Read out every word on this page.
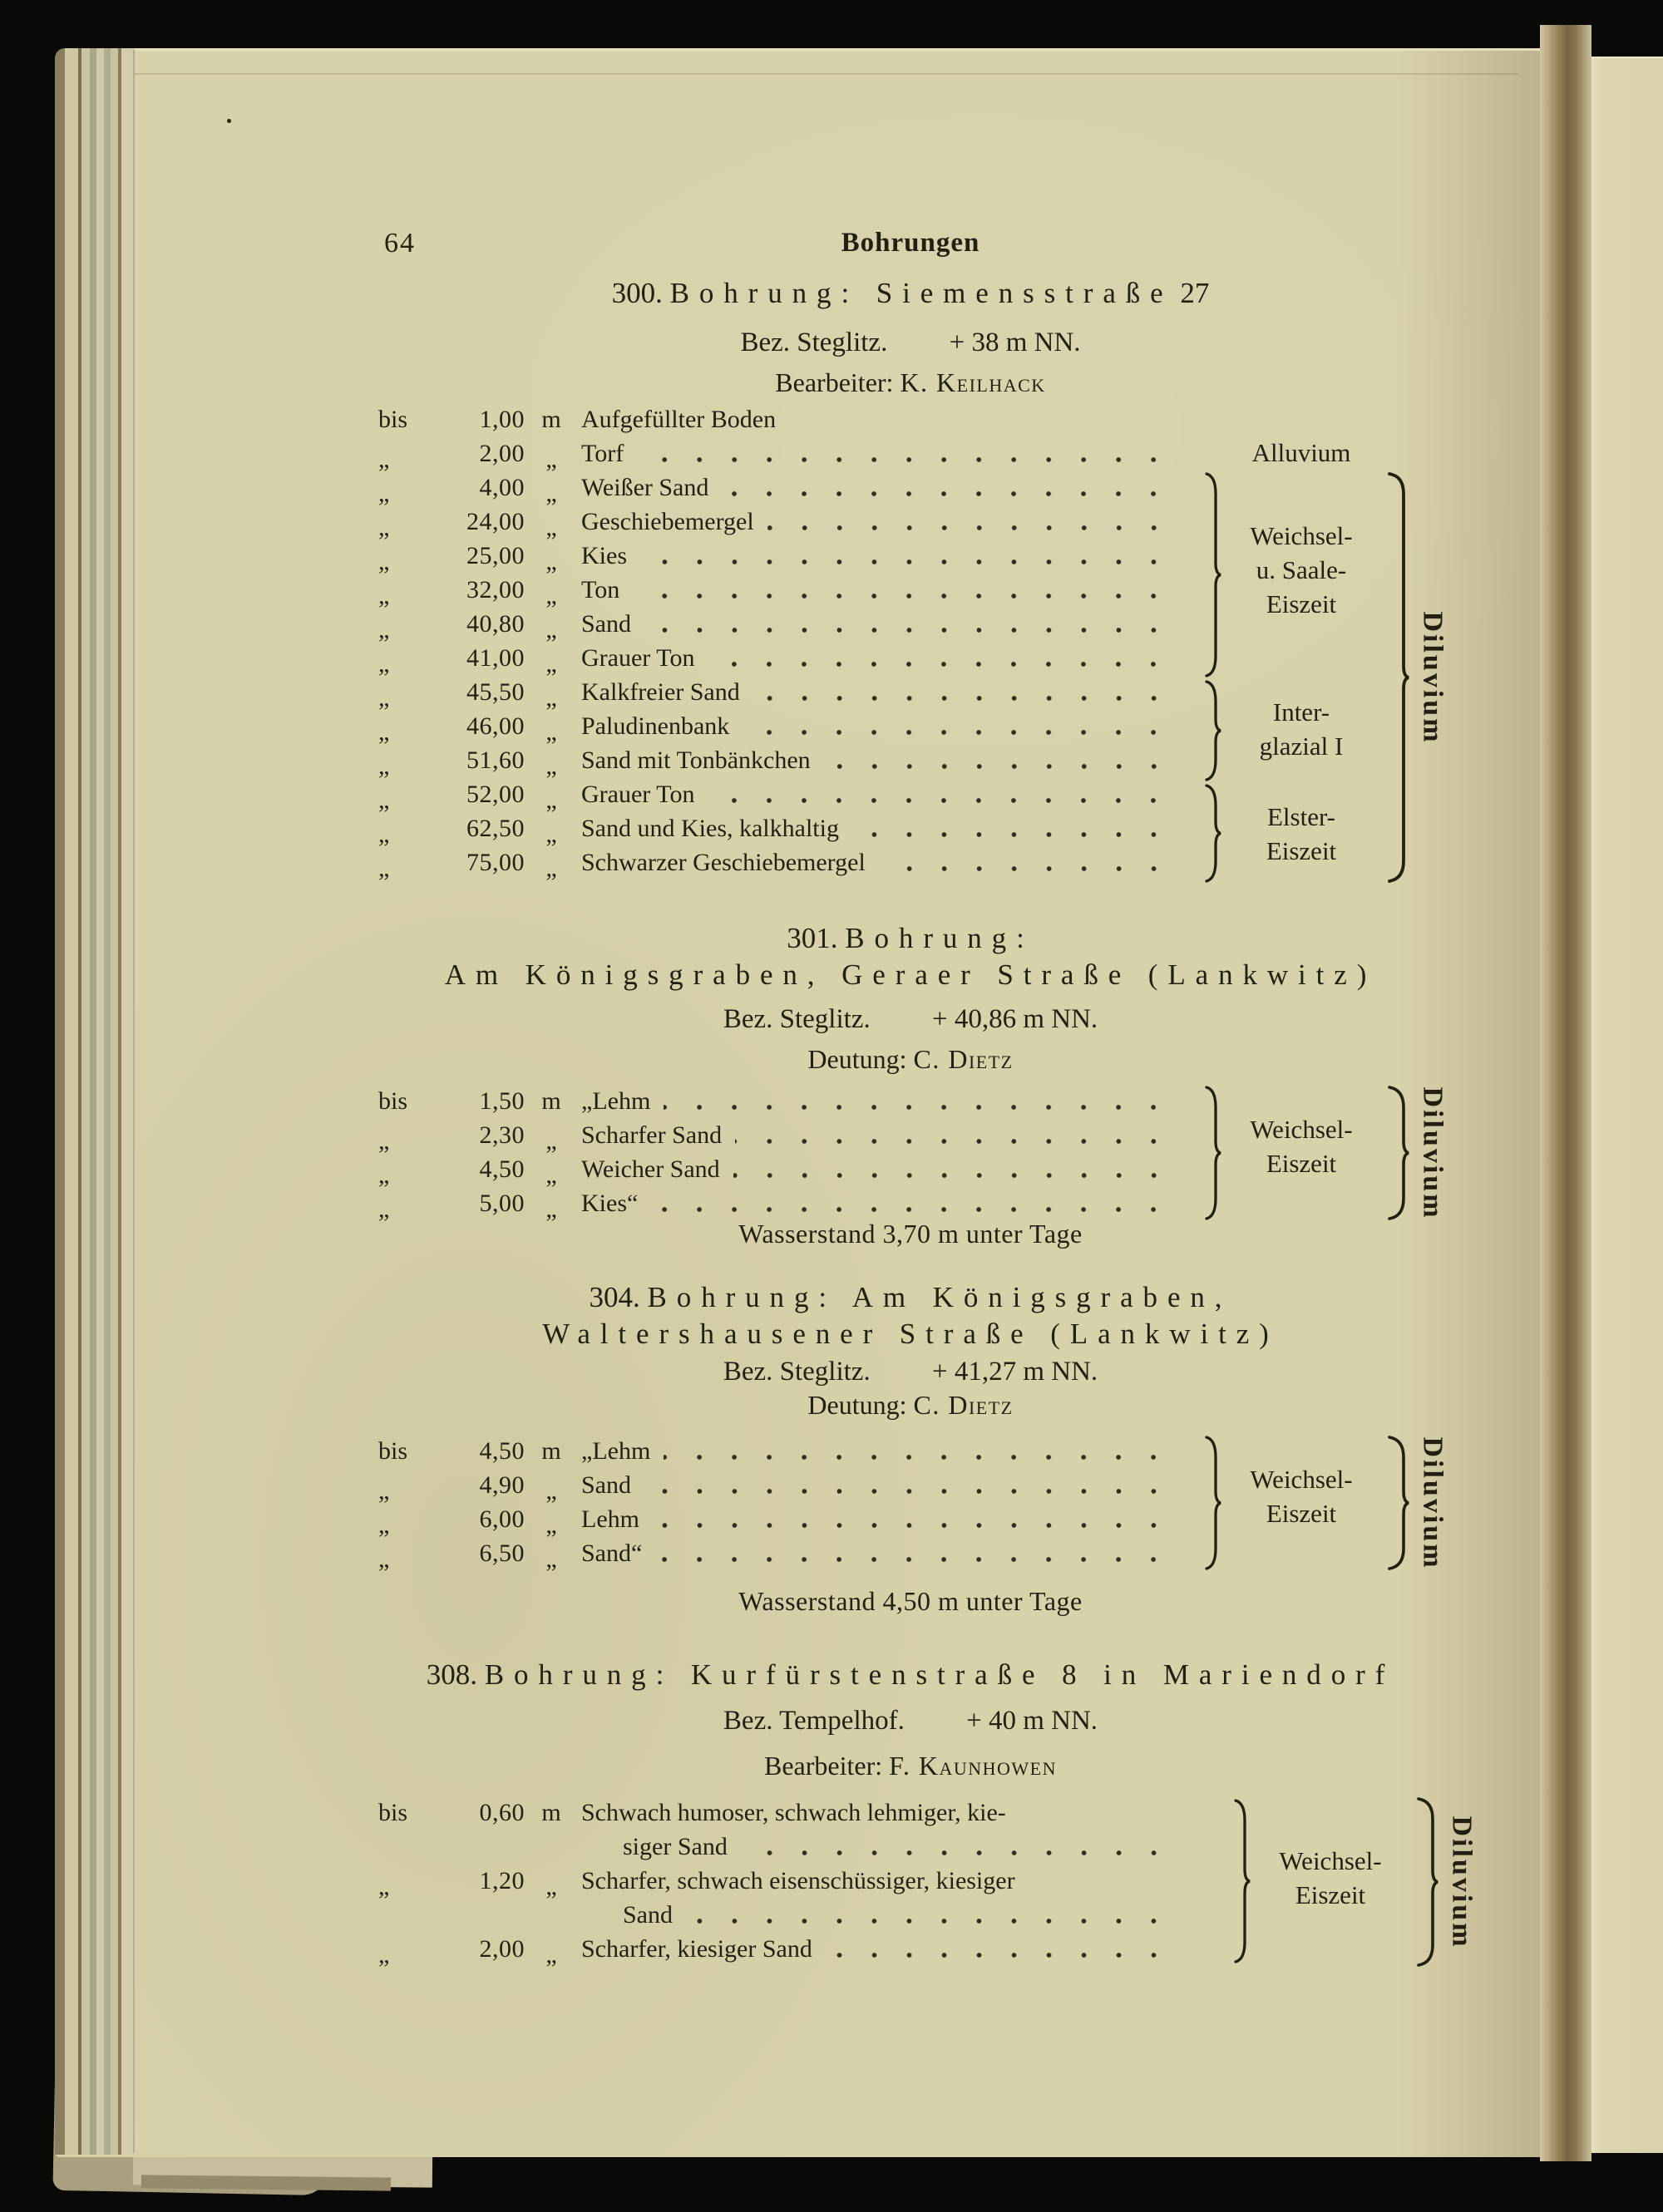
64	Bohrungen
300. Bohrung: Siemensstraße 27
Bez. Steglitz. + 38 m NN.
Bearbeiter: K. Keilhack
bis	1,00 m Aufgefüllter Boden
„	2,00 „ Torf
„	4,00 „ Weißer Sand
„	24,00 „ Geschiebemergel
„	25,00 „ Kies
„	32,00 „ Ton
„	40,80 „ Sand
„	41,00 „ Grauer Ton
„	45,50 „ Kalkfreier Sand
„	46,00 „ Paludinenbank
„	51,60 „ Sand mit Tonbänkchen
„	52,00 „ Grauer Ton
„	62,50 „ Sand und Kies, kalkhaltig
„	75,00 „ Schwarzer Geschiebemergel
Alluvium
Weichsel-
u. Saale-
Eiszeit
Inter-
glazial I
Elster-
Eiszeit
Diluvium
301. Bohrung:
Am Königsgraben, Geraer Straße (Lankwitz)
Bez. Steglitz. + 40,86 m NN.
Deutung: C. Dietz
bis	1,50 m „Lehm
„	2,30 „ Scharfer Sand
„	4,50 „ Weicher Sand
„	5,00 „ Kies“
Weichsel-
Eiszeit	Diluvium
Wasserstand 3,70 m unter Tage
304. Bohrung: Am Königsgraben,
Waltershausener Straße (Lankwitz)
Bez. Steglitz. + 41,27 m NN.
Deutung: C. Dietz
bis	4,50 m „Lehm
„	4,90 „ Sand
„	6,00 „ Lehm
„	6,50 „ Sand“
Weichsel-
Eiszeit	Diluvium
Wasserstand 4,50 m unter Tage
308. Bohrung: Kurfürstenstraße 8 in Mariendorf
Bez. Tempelhof. + 40 m NN.
Bearbeiter: F. Kaunhowen
bis	0,60 m Schwach humoser, schwach lehmiger, kie-
siger Sand
„	1,20 „ Scharfer, schwach eisenschüssiger, kiesiger
Sand
„	2,00 „ Scharfer, kiesiger Sand
Weichsel-
Eiszeit	Diluvium
